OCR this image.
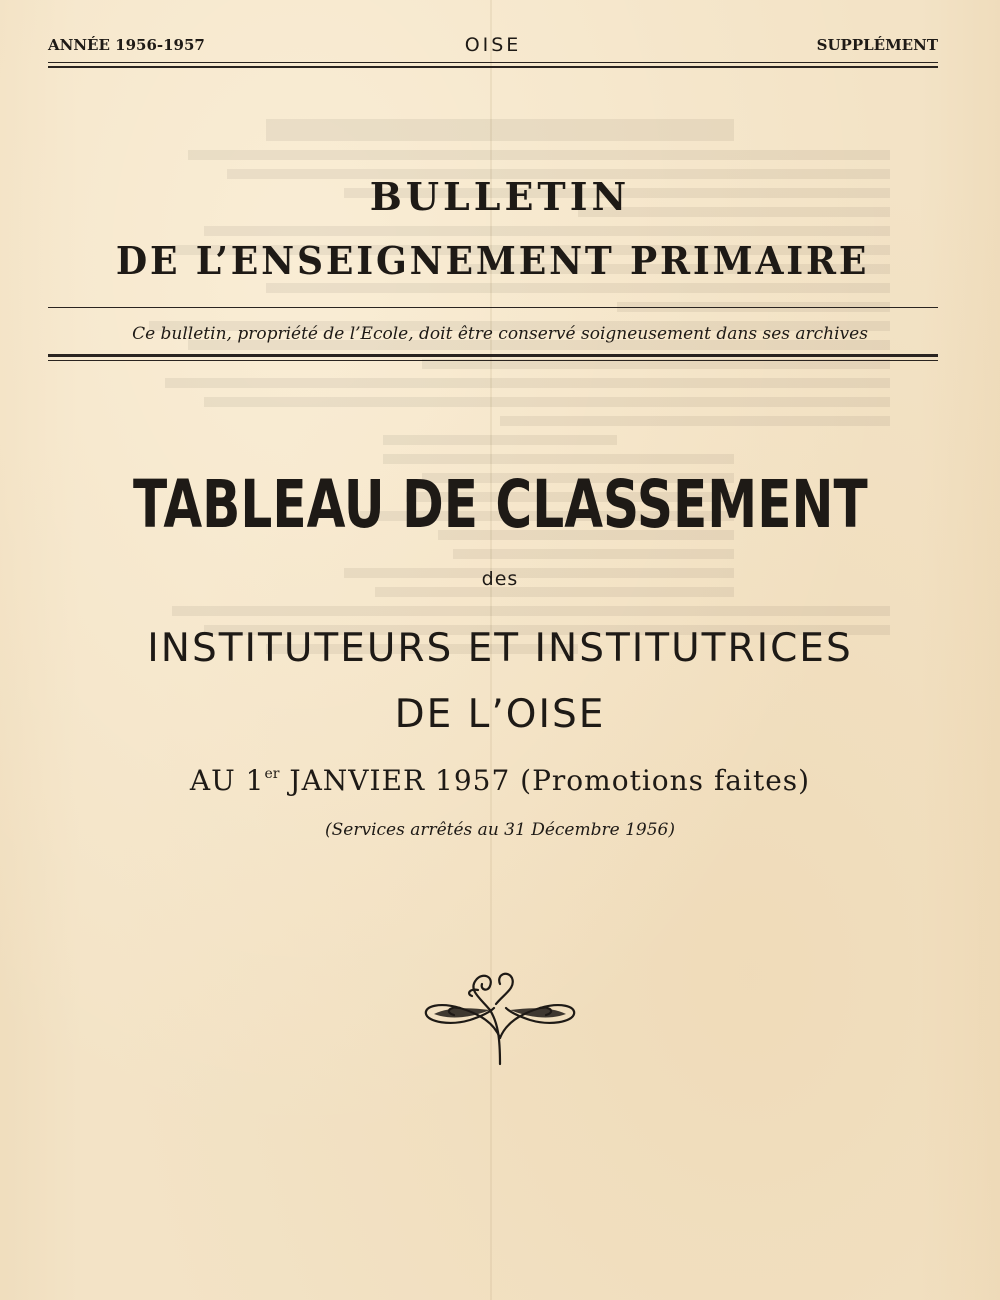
ANNÉE 1956-1957	OISE	SUPPLÉMENT
BULLETIN
DE L’ENSEIGNEMENT PRIMAIRE
Ce bulletin, propriété de l’Ecole, doit être conservé soigneusement dans ses archives
TABLEAU DE CLASSEMENT
des
INSTITUTEURS ET INSTITUTRICES
DE L’OISE
AU 1er JANVIER 1957 (Promotions faites)
(Services arrêtés au 31 Décembre 1956)
